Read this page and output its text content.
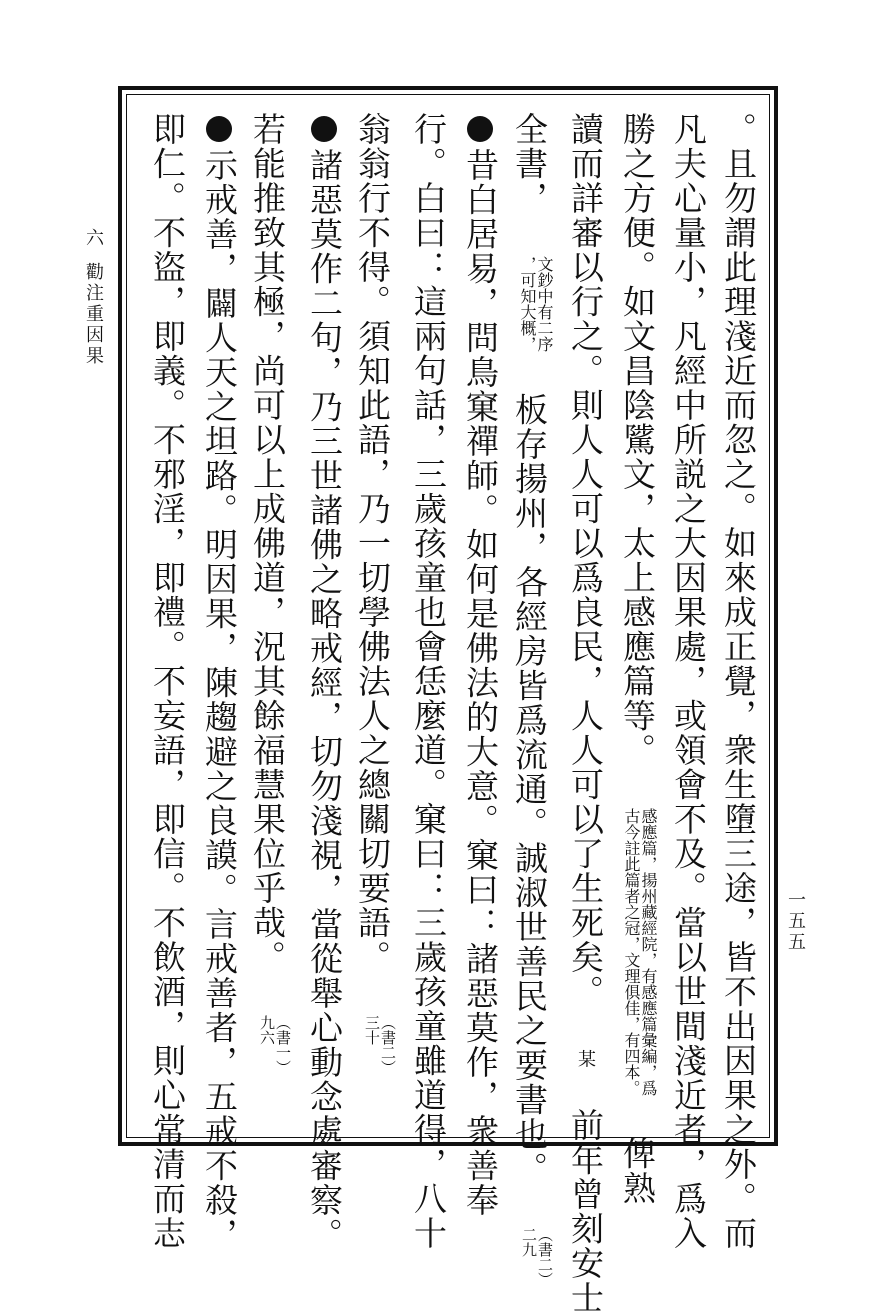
六
勸注重因果
一五五
。且勿謂此理淺近而忽之。如來成正覺，衆生墮三途，皆不出因果之外。而
凡夫心量小，凡經中所説之大因果處，或領會不及。當以世間淺近者，爲入
勝之方便。如文昌陰騭文，太上感應篇等。
感應篇，揚州藏經院，有感應篇彙編，爲
古今註此篇者之冠，文理俱佳，有四本。
俾熟
讀而詳審以行之。則人人可以爲良民，人人可以了生死矣。 某 前年曾刻安士
全書，
文鈔中有二序
，可知大概，
板存揚州，各經房皆爲流通。誠淑世善民之要書也。
（書二）
二九
昔白居易，問鳥窠禪師。如何是佛法的大意。窠曰：諸惡莫作，衆善奉
行。白曰：這兩句話，三歲孩童也會恁麼道。窠曰：三歲孩童雖道得，八十
翁翁行不得。須知此語，乃一切學佛法人之總關切要語。
（書二）
三十
諸惡莫作二句，乃三世諸佛之略戒經，切勿淺視，當從舉心動念處審察。
若能推致其極，尚可以上成佛道，況其餘福慧果位乎哉。
（書一）
九六
示戒善，闢人天之坦路。明因果，陳趨避之良謨。言戒善者，五戒不殺，
即仁。不盜，即義。不邪淫，即禮。不妄語，即信。不飲酒，則心常清而志
